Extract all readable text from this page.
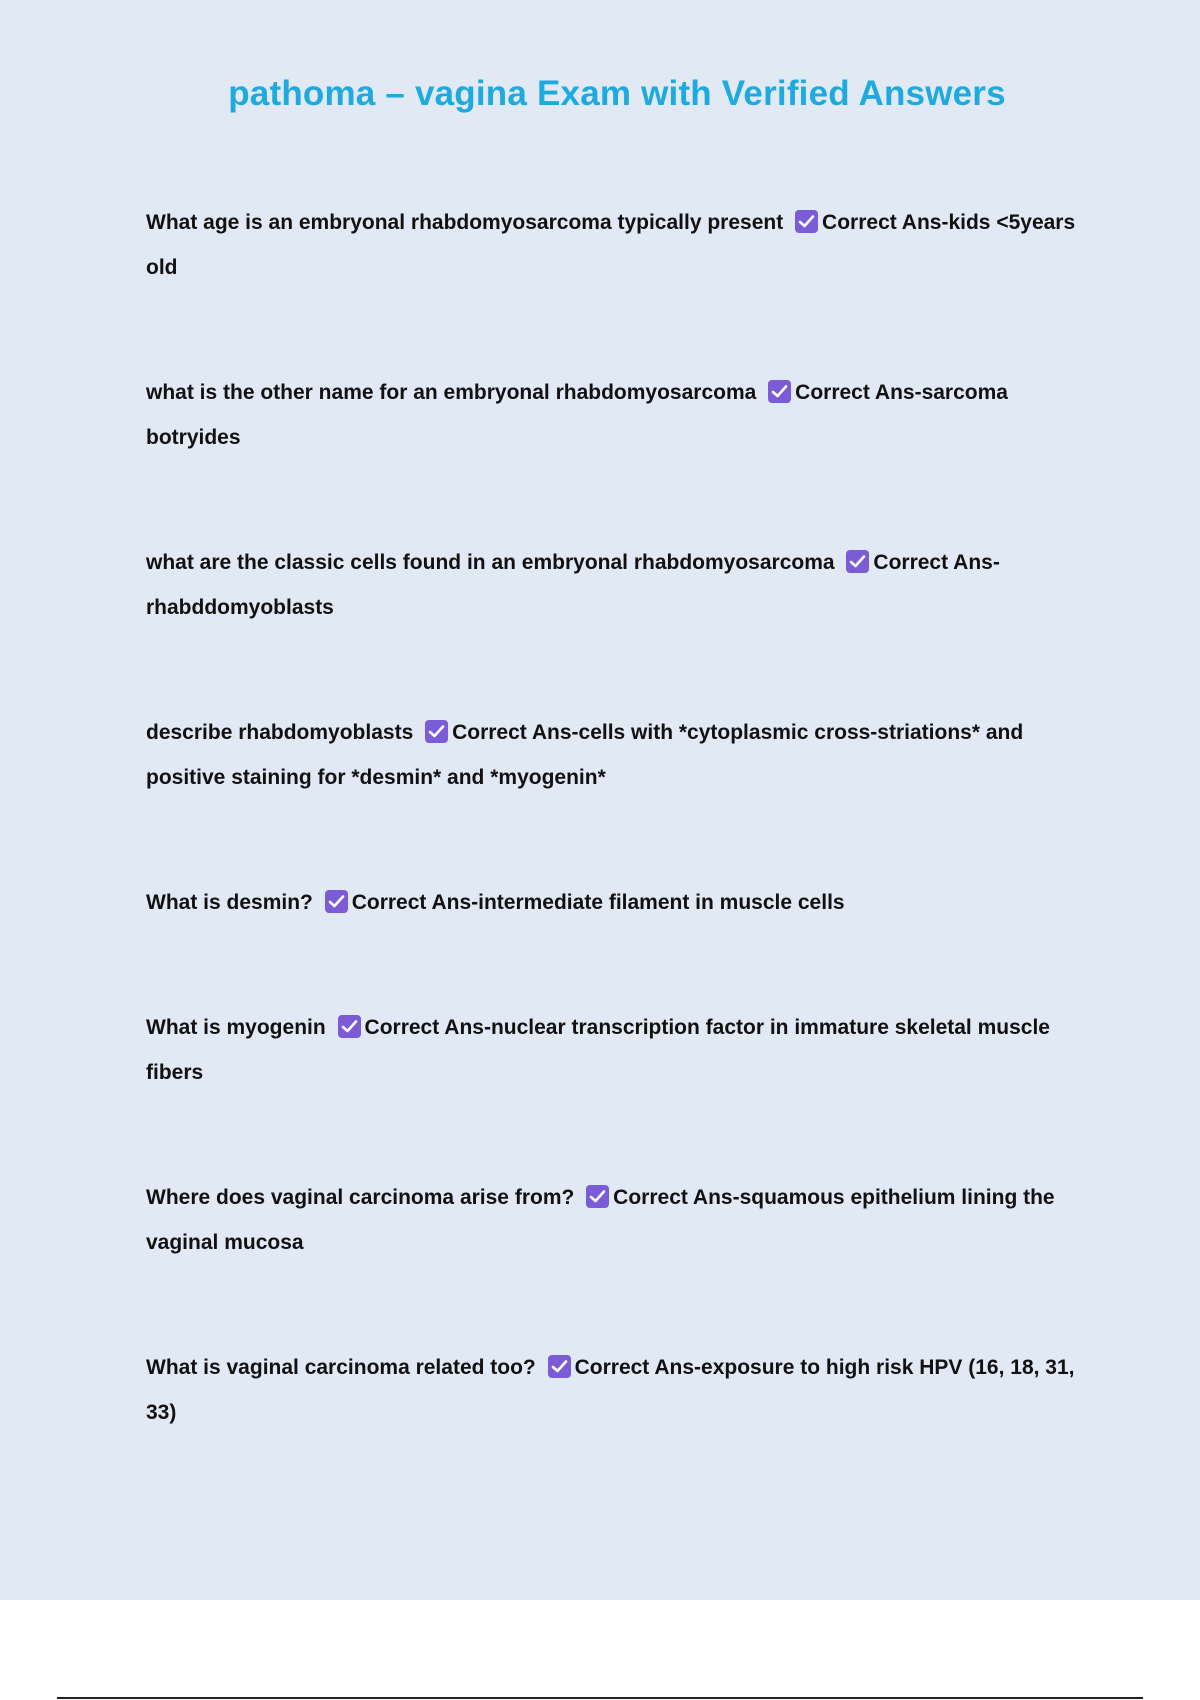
pathoma – vagina Exam with Verified Answers
What age is an embryonal rhabdomyosarcoma typically present Correct Ans-kids <5years old
what is the other name for an embryonal rhabdomyosarcoma Correct Ans-sarcoma botryides
what are the classic cells found in an embryonal rhabdomyosarcoma Correct Ans-rhabddomyoblasts
describe rhabdomyoblasts Correct Ans-cells with *cytoplasmic cross-striations* and positive staining for *desmin* and *myogenin*
What is desmin? Correct Ans-intermediate filament in muscle cells
What is myogenin Correct Ans-nuclear transcription factor in immature skeletal muscle fibers
Where does vaginal carcinoma arise from? Correct Ans-squamous epithelium lining the vaginal mucosa
What is vaginal carcinoma related too? Correct Ans-exposure to high risk HPV (16, 18, 31, 33)
